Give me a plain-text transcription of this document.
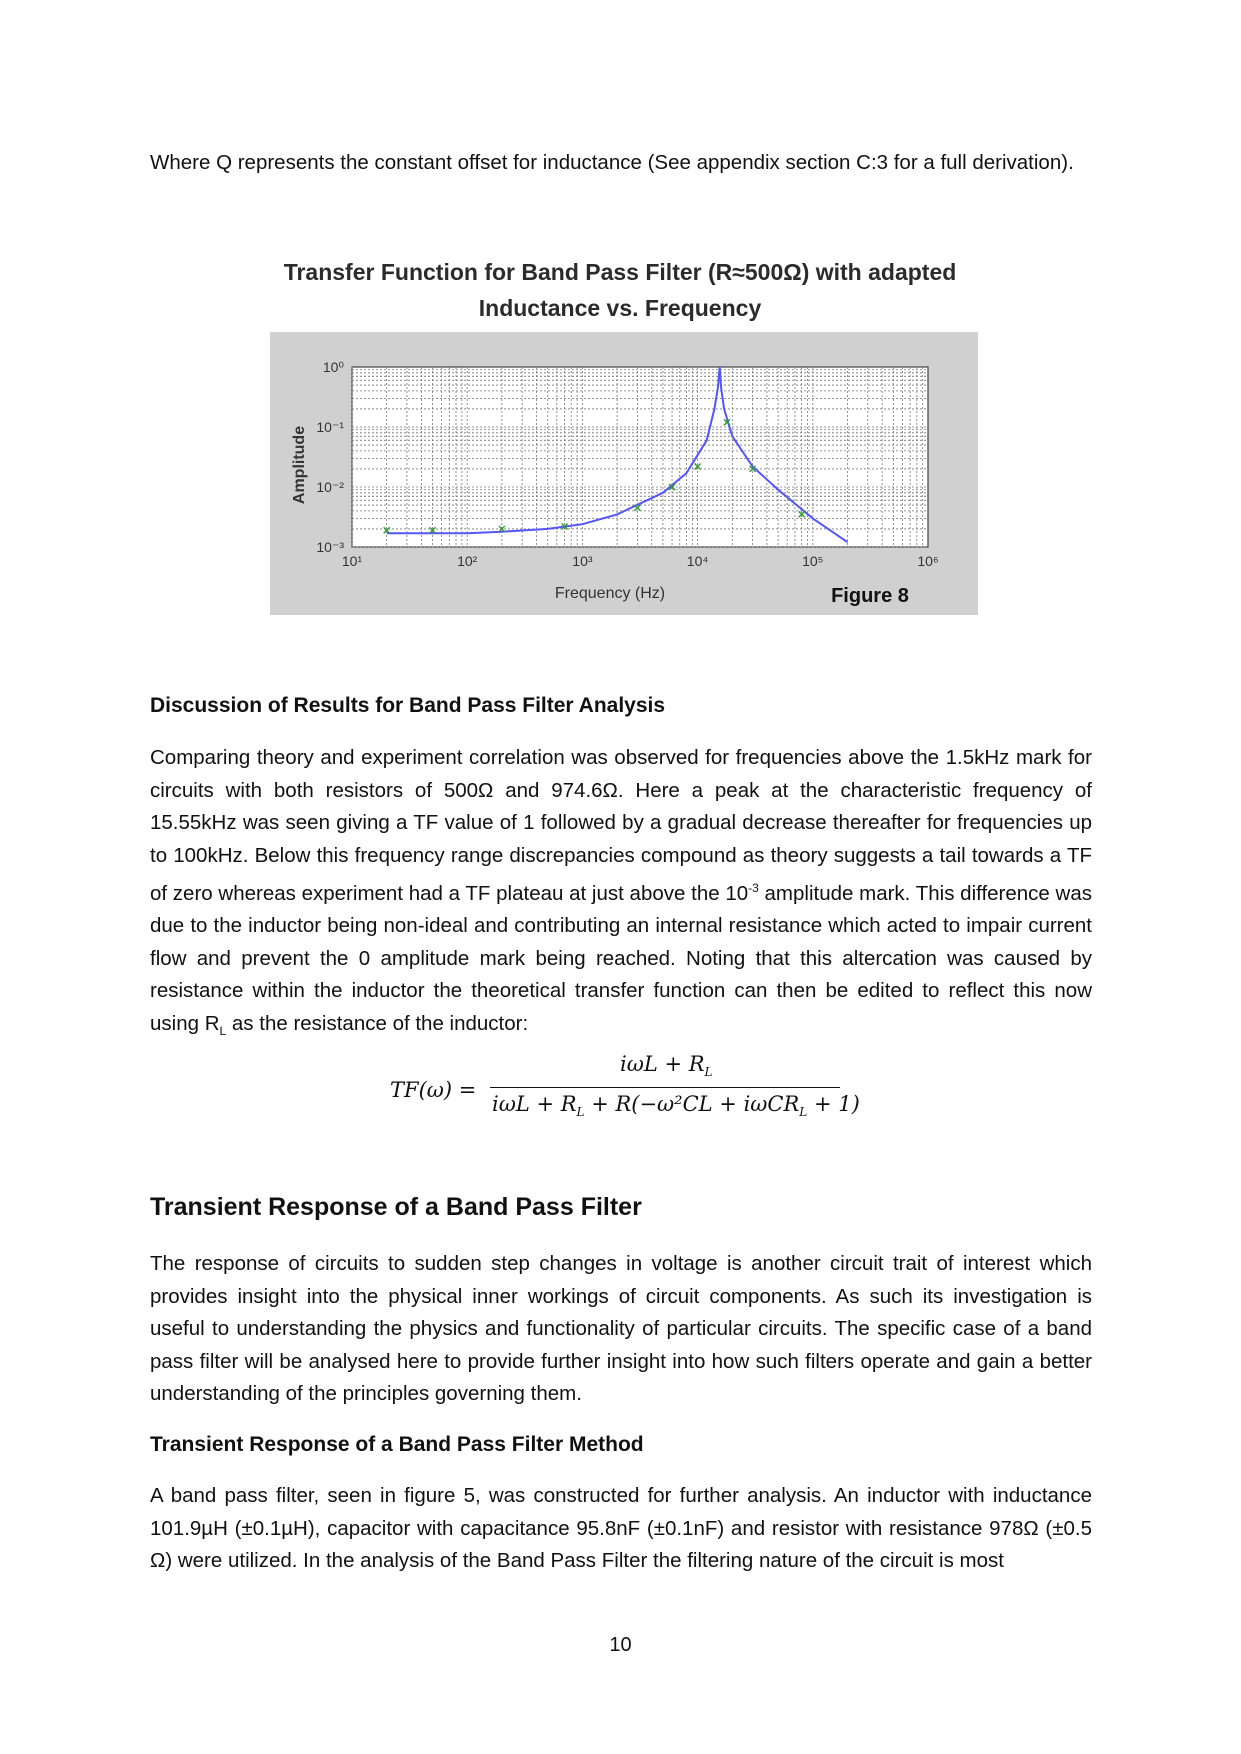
Where Q represents the constant offset for inductance (See appendix section C:3 for a full derivation).

Transfer Function for Band Pass Filter (R≈500Ω) with adapted
Inductance vs. Frequency
10¹	10²	10³	10⁴	10⁵	10⁶
10⁰
10⁻¹
10⁻²
10⁻³
Frequency (Hz)
Amplitude
Figure 8
Discussion of Results for Band Pass Filter Analysis

Comparing theory and experiment correlation was observed for frequencies above the 1.5kHz mark for circuits with both resistors of 500Ω and 974.6Ω. Here a peak at the characteristic frequency of 15.55kHz was seen giving a TF value of 1 followed by a gradual decrease thereafter for frequencies up to 100kHz. Below this frequency range discrepancies compound as theory suggests a tail towards a TF of zero whereas experiment had a TF plateau at just above the $10^{-3}$ amplitude mark. This difference was due to the inductor being non-ideal and contributing an internal resistance which acted to impair current flow and prevent the 0 amplitude mark being reached. Noting that this altercation was caused by resistance within the inductor the theoretical transfer function can then be edited to reflect this now using $R_L$ as the resistance of the inductor:

TF(ω) =
$i\omega L + R_L$
$i\omega L + R_L + R(-\omega^2CL + i\omega CR_L + 1)$
Transient Response of a Band Pass Filter

The response of circuits to sudden step changes in voltage is another circuit trait of interest which provides insight into the physical inner workings of circuit components. As such its investigation is useful to understanding the physics and functionality of particular circuits. The specific case of a band pass filter will be analysed here to provide further insight into how such filters operate and gain a better understanding of the principles governing them.

Transient Response of a Band Pass Filter Method

A band pass filter, seen in figure 5, was constructed for further analysis. An inductor with inductance 101.9µH (±0.1µH), capacitor with capacitance 95.8nF (±0.1nF) and resistor with resistance 978Ω (±0.5 Ω) were utilized. In the analysis of the Band Pass Filter the filtering nature of the circuit is most

10
